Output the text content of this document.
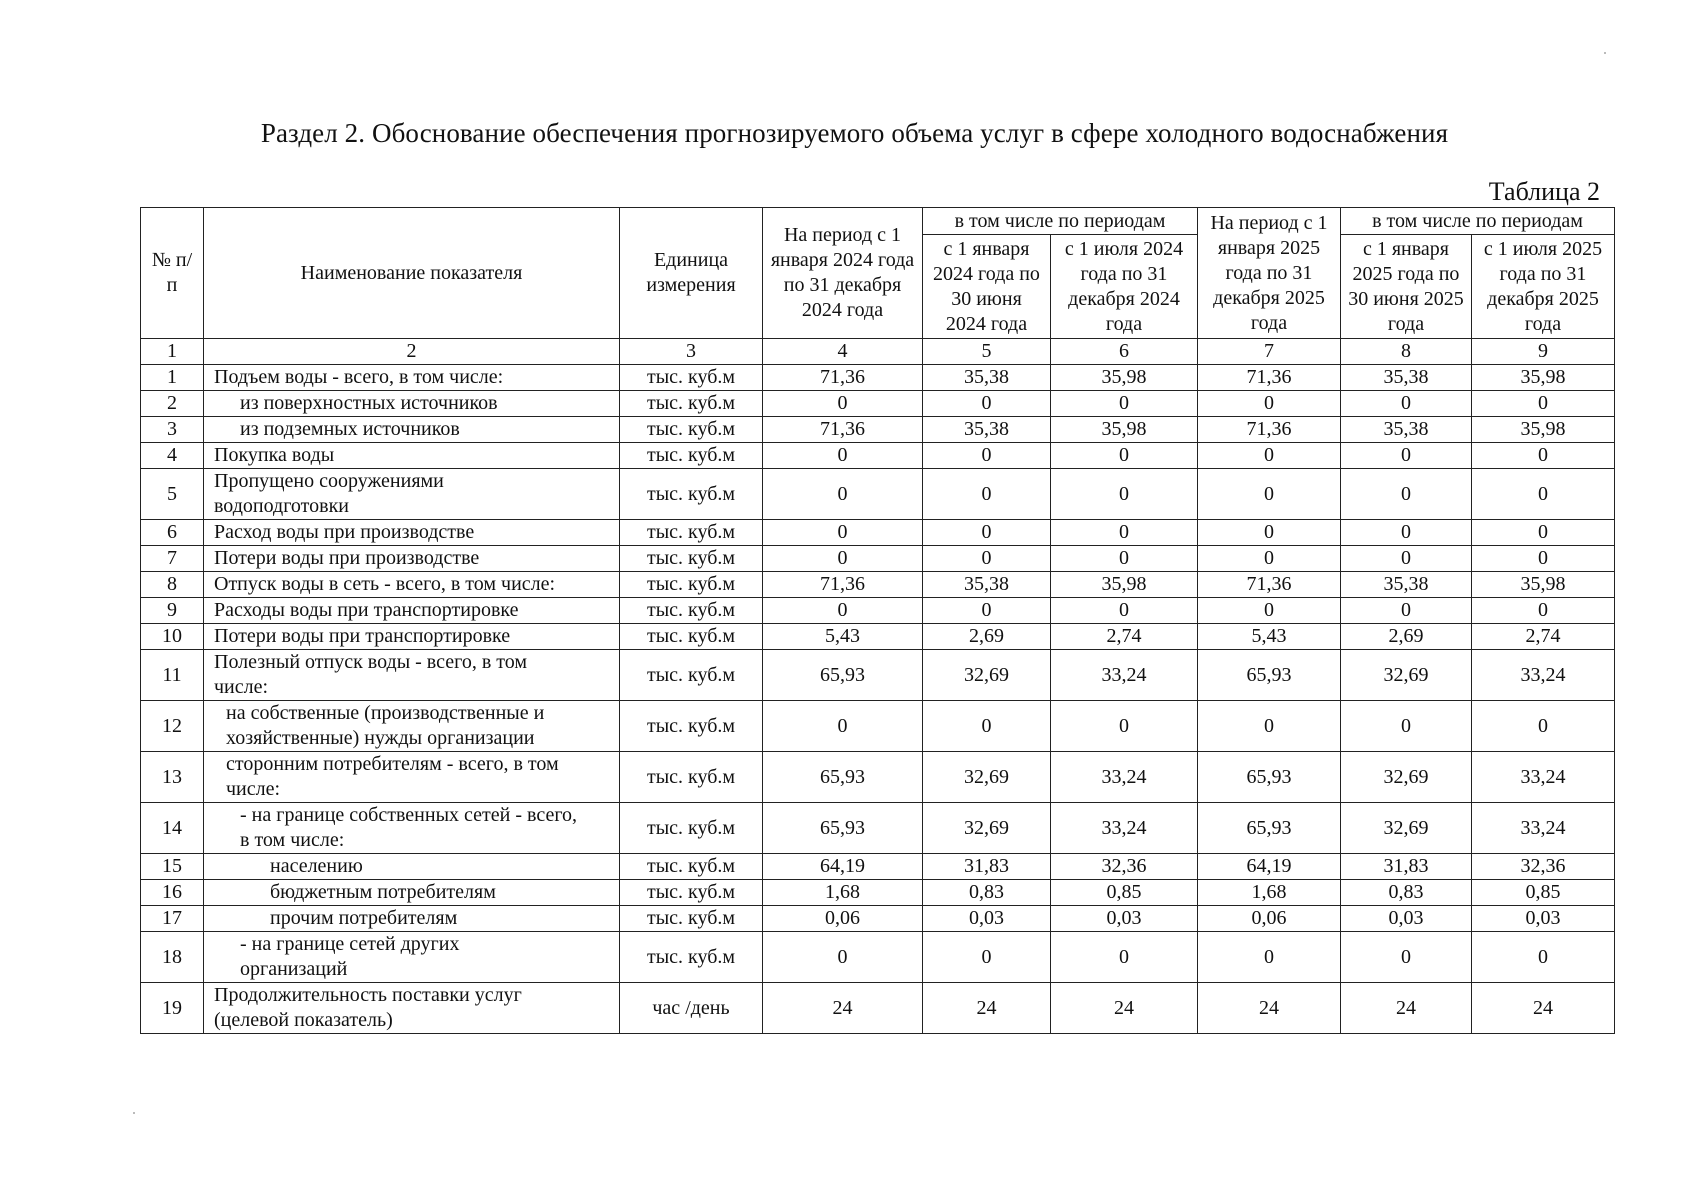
Раздел 2. Обоснование обеспечения прогнозируемого объема услуг в сфере холодного водоснабжения
Таблица 2
№ п/п	Наименование показателя	Единица измерения	На период с 1 января 2024 года по 31 декабря 2024 года	в том числе по периодам		На период с 1 января 2025 года по 31 декабря 2025 года	в том числе по периодам	
				с 1 января 2024 года по 30 июня 2024 года	с 1 июля 2024 года по 31 декабря 2024 года		с 1 января 2025 года по 30 июня 2025 года	с 1 июля 2025 года по 31 декабря 2025 года
1	2	3	4	5	6	7	8	9
1	Подъем воды - всего, в том числе:	тыс. куб.м	71,36	35,38	35,98	71,36	35,38	35,98
2	из поверхностных источников	тыс. куб.м	0	0	0	0	0	0
3	из подземных источников	тыс. куб.м	71,36	35,38	35,98	71,36	35,38	35,98
4	Покупка воды	тыс. куб.м	0	0	0	0	0	0
5	Пропущено сооружениями водоподготовки	тыс. куб.м	0	0	0	0	0	0
6	Расход воды при производстве	тыс. куб.м	0	0	0	0	0	0
7	Потери воды при производстве	тыс. куб.м	0	0	0	0	0	0
8	Отпуск воды в сеть - всего, в том числе:	тыс. куб.м	71,36	35,38	35,98	71,36	35,38	35,98
9	Расходы воды при транспортировке	тыс. куб.м	0	0	0	0	0	0
10	Потери воды при транспортировке	тыс. куб.м	5,43	2,69	2,74	5,43	2,69	2,74
11	Полезный отпуск воды - всего, в том числе:	тыс. куб.м	65,93	32,69	33,24	65,93	32,69	33,24
12	на собственные (производственные и хозяйственные) нужды организации	тыс. куб.м	0	0	0	0	0	0
13	сторонним потребителям - всего, в том числе:	тыс. куб.м	65,93	32,69	33,24	65,93	32,69	33,24
14	- на границе собственных сетей - всего, в том числе:	тыс. куб.м	65,93	32,69	33,24	65,93	32,69	33,24
15	населению	тыс. куб.м	64,19	31,83	32,36	64,19	31,83	32,36
16	бюджетным потребителям	тыс. куб.м	1,68	0,83	0,85	1,68	0,83	0,85
17	прочим потребителям	тыс. куб.м	0,06	0,03	0,03	0,06	0,03	0,03
18	- на границе сетей других организаций	тыс. куб.м	0	0	0	0	0	0
19	Продолжительность поставки услуг (целевой показатель)	час /день	24	24	24	24	24	24
